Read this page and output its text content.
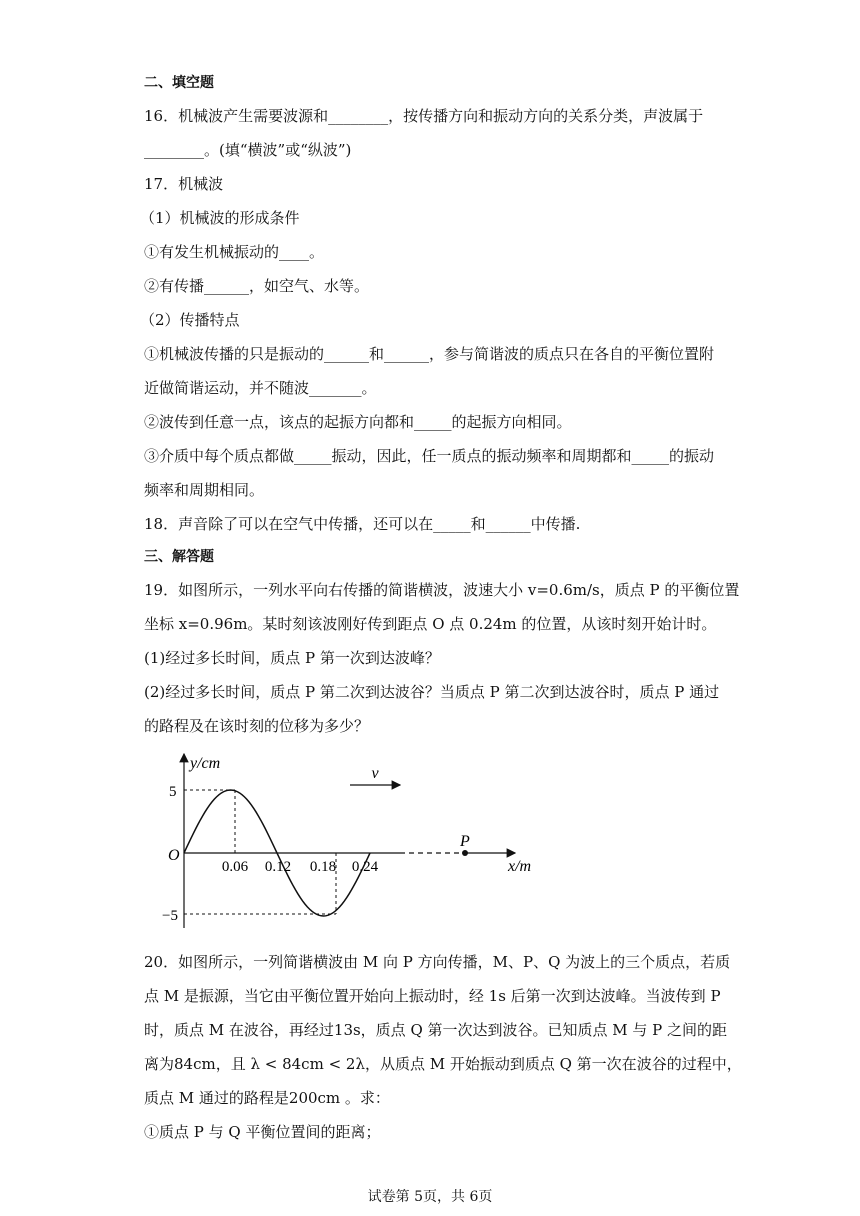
二、填空题
16．机械波产生需要波源和________，按传播方向和振动方向的关系分类，声波属于
________。(填“横波”或“纵波”)
17．机械波
（1）机械波的形成条件
①有发生机械振动的____。
②有传播______，如空气、水等。
（2）传播特点
①机械波传播的只是振动的______和______，参与简谐波的质点只在各自的平衡位置附
近做简谐运动，并不随波_______。
②波传到任意一点，该点的起振方向都和_____的起振方向相同。
③介质中每个质点都做_____振动，因此，任一质点的振动频率和周期都和_____的振动
频率和周期相同。
18．声音除了可以在空气中传播，还可以在_____和______中传播.
三、解答题
19．如图所示，一列水平向右传播的简谐横波，波速大小 v=0.6m/s，质点 P 的平衡位置
坐标 x=0.96m。某时刻该波刚好传到距点 O 点 0.24m 的位置，从该时刻开始计时。
(1)经过多长时间，质点 P 第一次到达波峰？
(2)经过多长时间，质点 P 第二次到达波谷？当质点 P 第二次到达波谷时，质点 P 通过
的路程及在该时刻的位移为多少？
v
P
y/cm
x/m
O
5
−5
0.06 0.12 0.18 0.24
20．如图所示，一列简谐横波由 M 向 P 方向传播，M、P、Q 为波上的三个质点，若质
点 M 是振源，当它由平衡位置开始向上振动时，经 1s 后第一次到达波峰。当波传到 P
时，质点 M 在波谷，再经过13s，质点 Q 第一次达到波谷。已知质点 M 与 P 之间的距
离为84cm，且 λ < 84cm < 2λ，从质点 M 开始振动到质点 Q 第一次在波谷的过程中，
质点 M 通过的路程是200cm 。求：
①质点 P 与 Q 平衡位置间的距离；
试卷第 5页，共 6页
